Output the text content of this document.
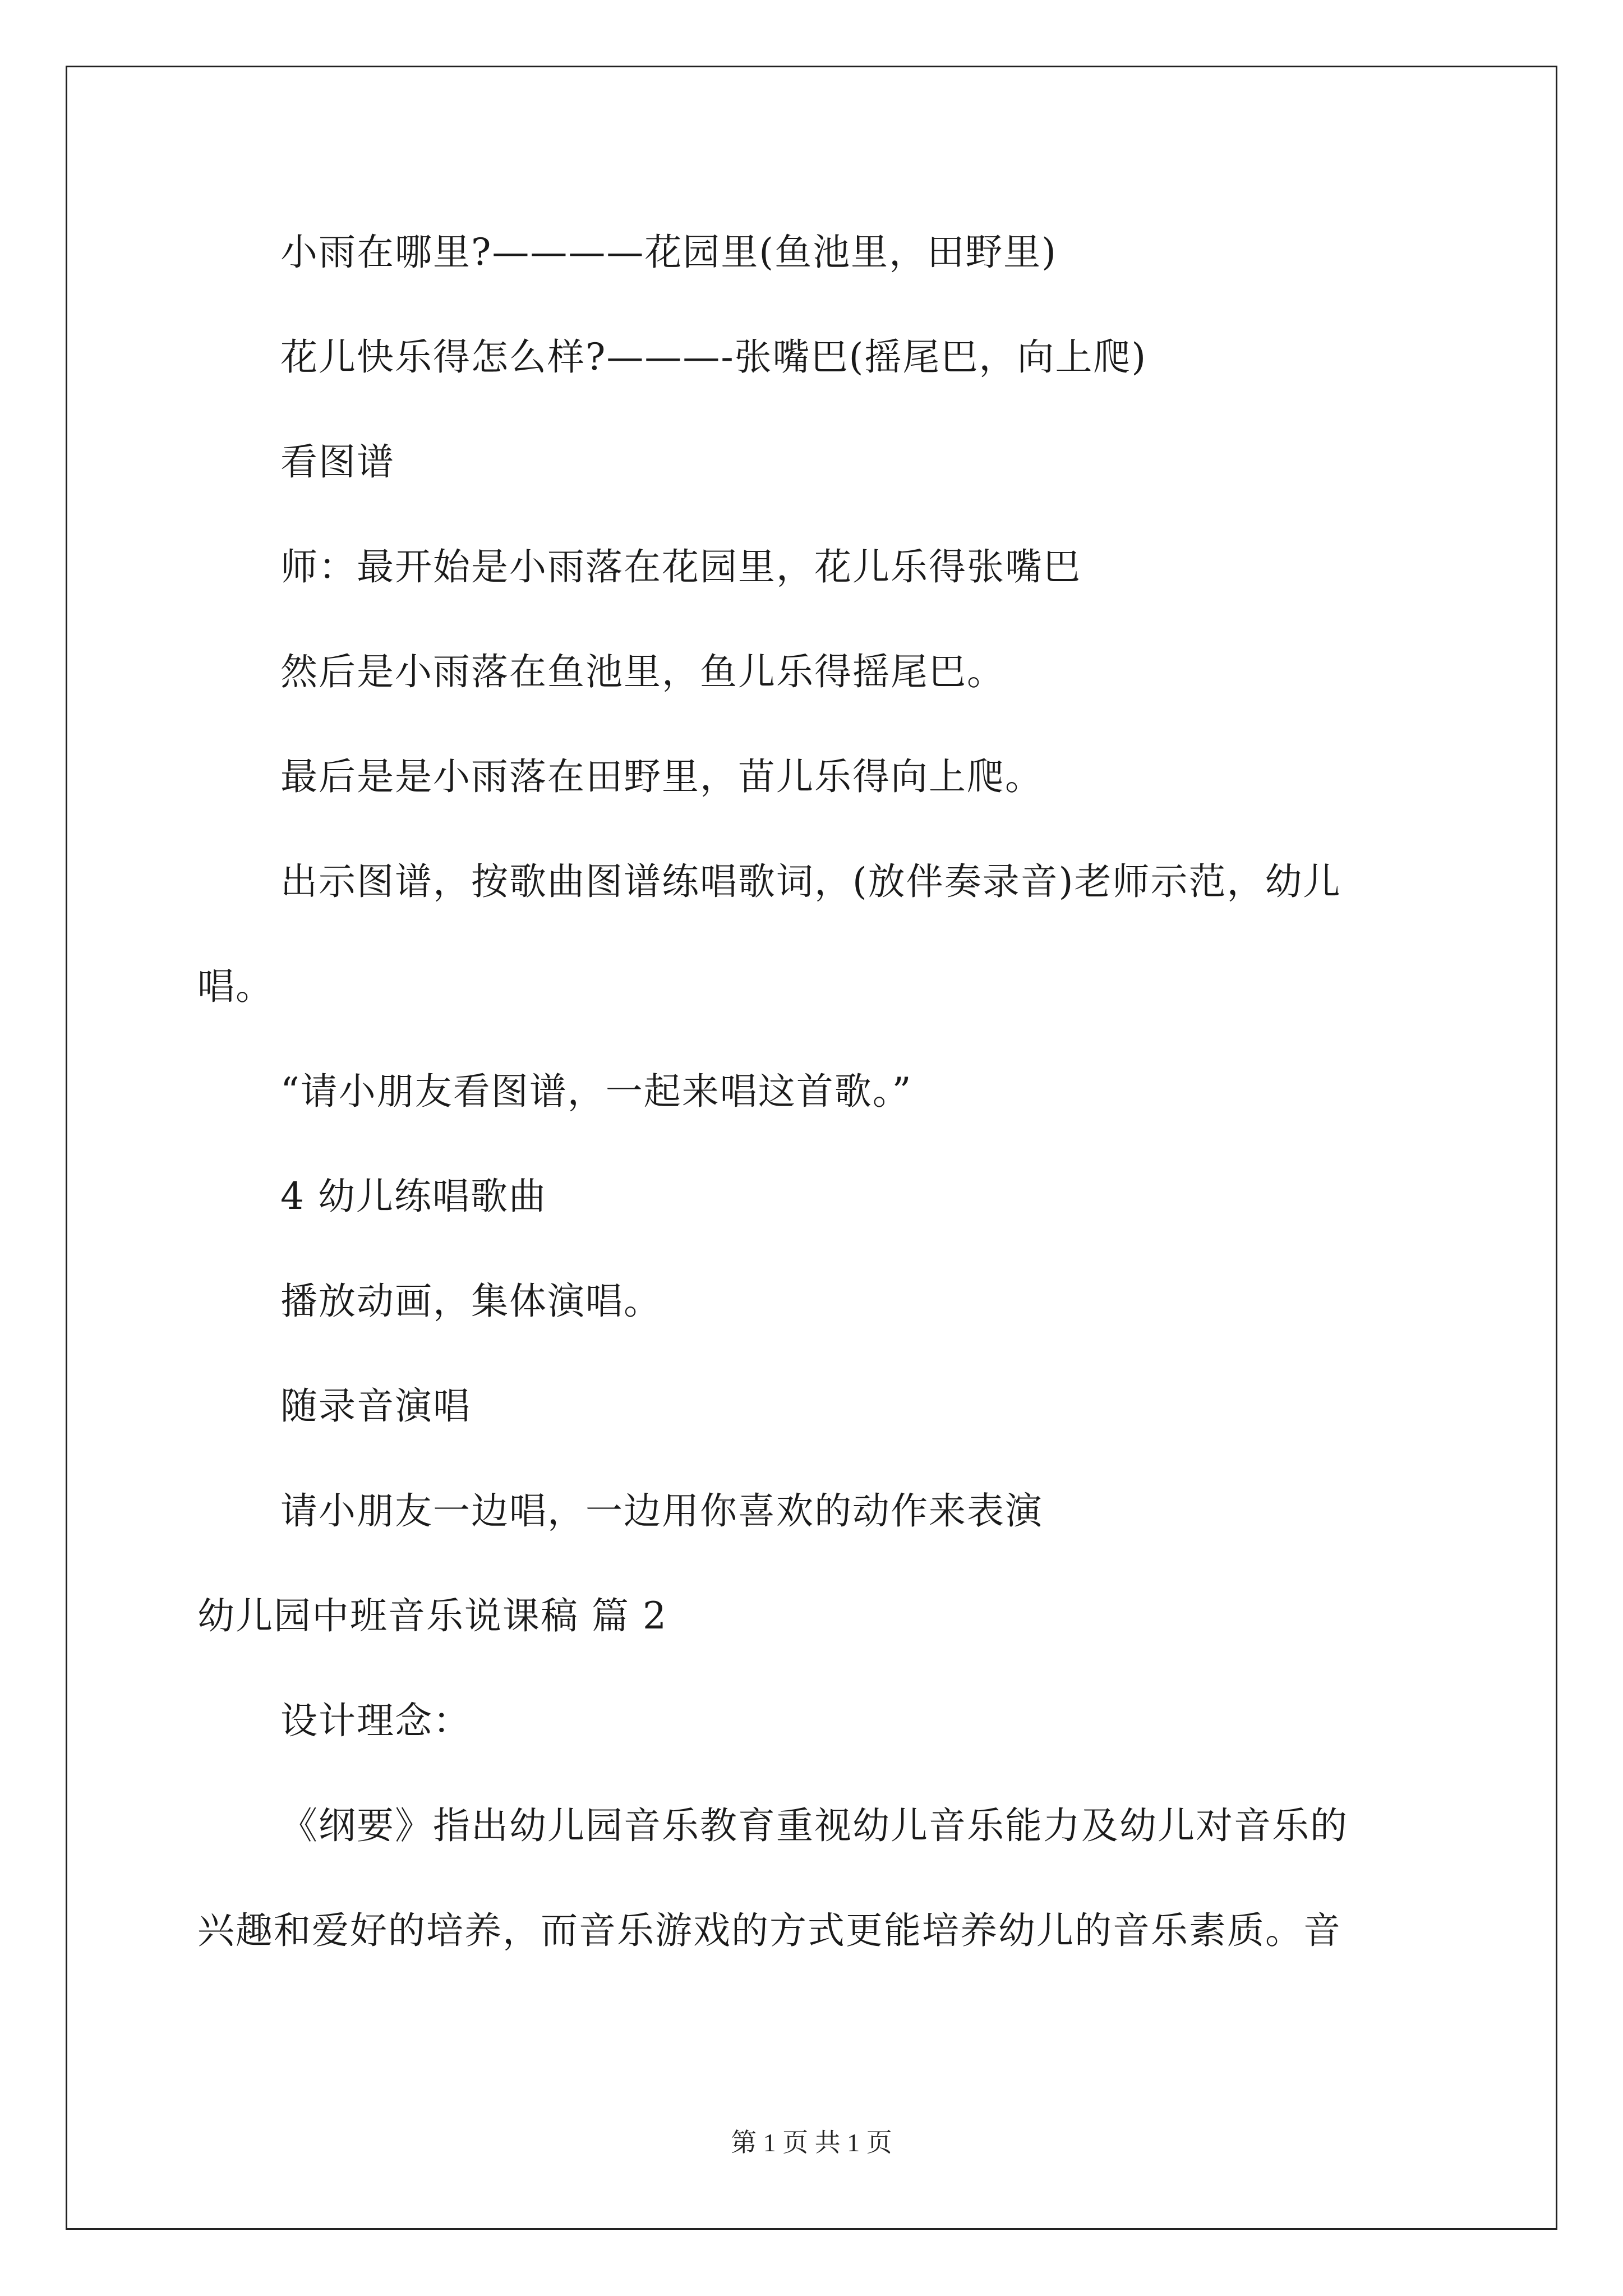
小雨在哪里?————花园里(鱼池里，田野里)
花儿快乐得怎么样?———-张嘴巴(摇尾巴，向上爬)
看图谱
师：最开始是小雨落在花园里，花儿乐得张嘴巴
然后是小雨落在鱼池里，鱼儿乐得摇尾巴。
最后是是小雨落在田野里，苗儿乐得向上爬。
出示图谱，按歌曲图谱练唱歌词，(放伴奏录音)老师示范，幼儿
唱。
“请小朋友看图谱，一起来唱这首歌。”
4 幼儿练唱歌曲
播放动画，集体演唱。
随录音演唱
请小朋友一边唱，一边用你喜欢的动作来表演
幼儿园中班音乐说课稿 篇 2
设计理念：
《纲要》指出幼儿园音乐教育重视幼儿音乐能力及幼儿对音乐的
兴趣和爱好的培养，而音乐游戏的方式更能培养幼儿的音乐素质。音
第 1 页 共 1 页
